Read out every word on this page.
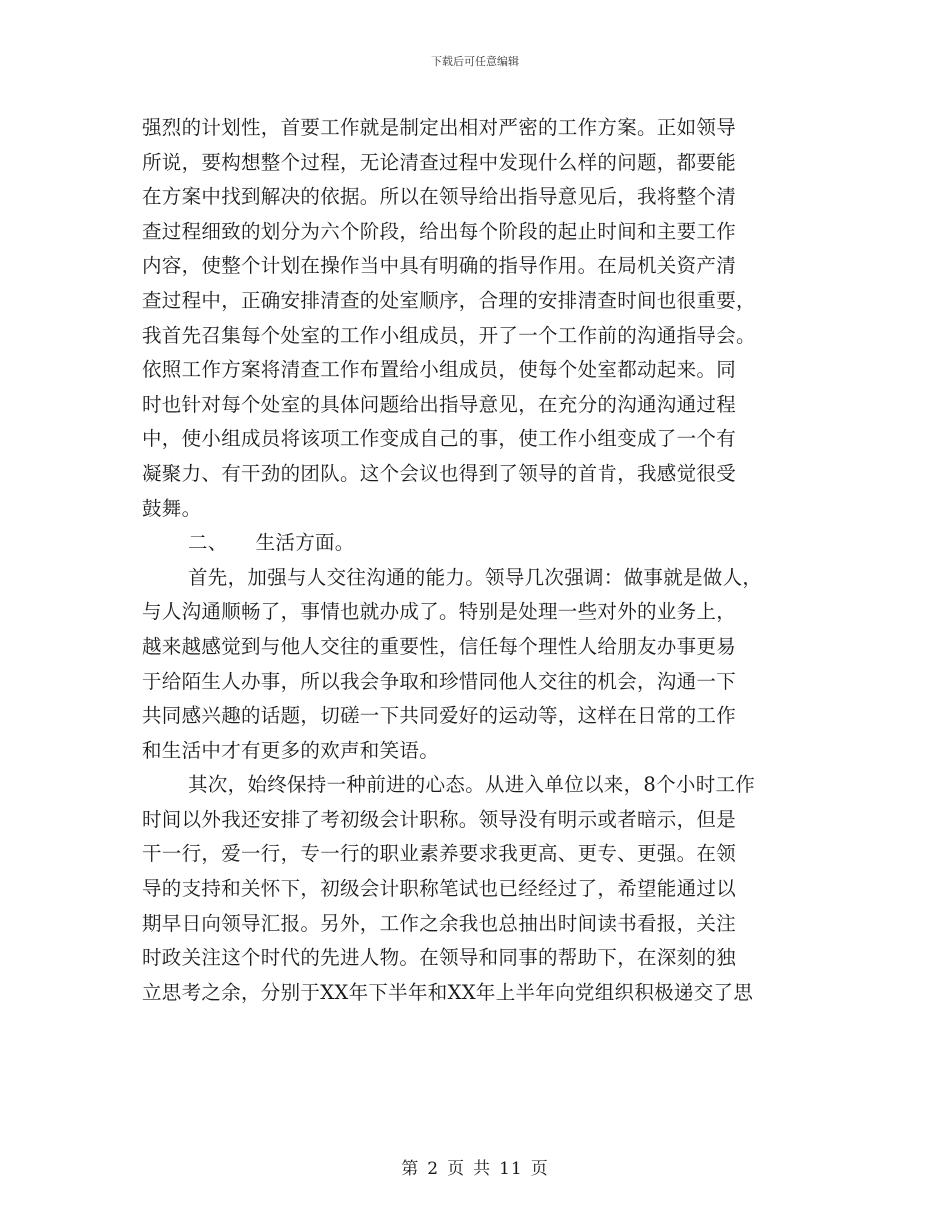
下载后可任意编辑
强烈的计划性，首要工作就是制定出相对严密的工作方案。正如领导
所说，要构想整个过程，无论清查过程中发现什么样的问题，都要能
在方案中找到解决的依据。所以在领导给出指导意见后，我将整个清
查过程细致的划分为六个阶段，给出每个阶段的起止时间和主要工作
内容，使整个计划在操作当中具有明确的指导作用。在局机关资产清
查过程中，正确安排清查的处室顺序，合理的安排清查时间也很重要，
我首先召集每个处室的工作小组成员，开了一个工作前的沟通指导会。
依照工作方案将清查工作布置给小组成员，使每个处室都动起来。同
时也针对每个处室的具体问题给出指导意见，在充分的沟通沟通过程
中，使小组成员将该项工作变成自己的事，使工作小组变成了一个有
凝聚力、有干劲的团队。这个会议也得到了领导的首肯，我感觉很受
鼓舞。
二、 生活方面。
首先，加强与人交往沟通的能力。领导几次强调：做事就是做人，
与人沟通顺畅了，事情也就办成了。特别是处理一些对外的业务上，
越来越感觉到与他人交往的重要性，信任每个理性人给朋友办事更易
于给陌生人办事，所以我会争取和珍惜同他人交往的机会，沟通一下
共同感兴趣的话题，切磋一下共同爱好的运动等，这样在日常的工作
和生活中才有更多的欢声和笑语。
其次，始终保持一种前进的心态。从进入单位以来，8个小时工作
时间以外我还安排了考初级会计职称。领导没有明示或者暗示，但是
干一行，爱一行，专一行的职业素养要求我更高、更专、更强。在领
导的支持和关怀下，初级会计职称笔试也已经经过了，希望能通过以
期早日向领导汇报。另外，工作之余我也总抽出时间读书看报，关注
时政关注这个时代的先进人物。在领导和同事的帮助下，在深刻的独
立思考之余，分别于XX年下半年和XX年上半年向党组织积极递交了思
第 2 页 共 11 页
